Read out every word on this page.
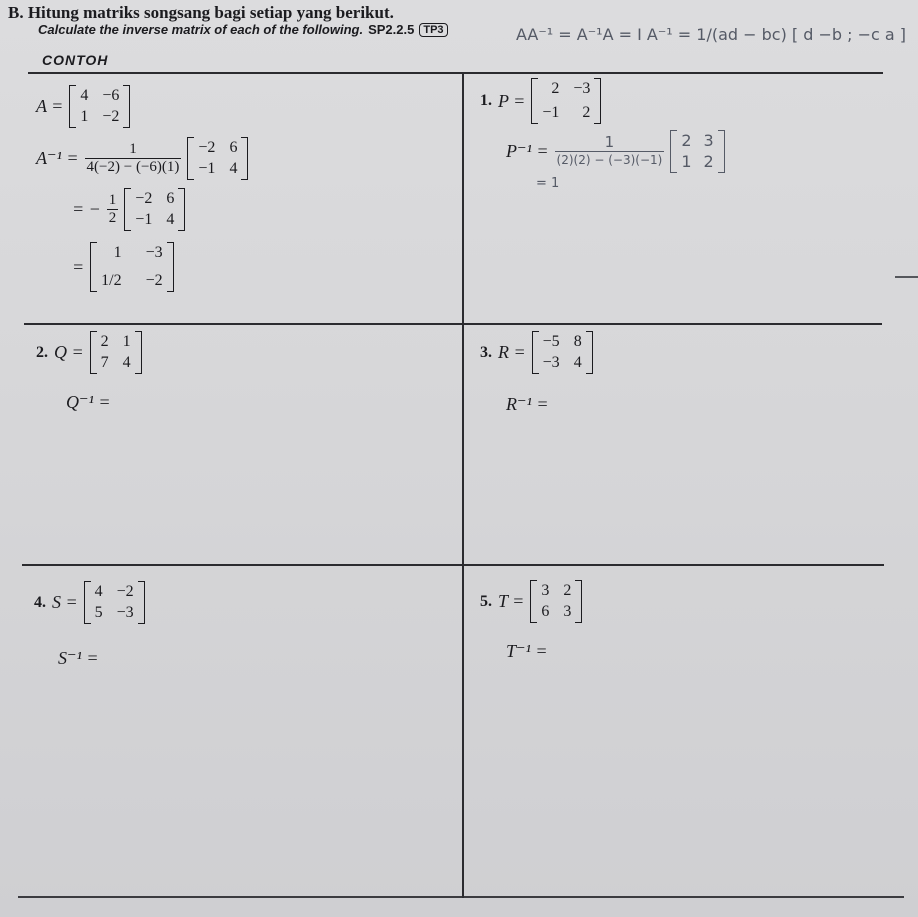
B. Hitung matriks songsang bagi setiap yang berikut.
Calculate the inverse matrix of each of the following. SP2.2.5 TP3	AA⁻¹ = A⁻¹A = I A⁻¹ = 1/(ad − bc) [ d −b ; −c a ]
CONTOH
A =
4 −6
1 −2
$A^{-1} = \frac{1}{4(-2) - (-6)(1)} -2$ 6
−1 4
= − $\frac{1}{2} -2$ 6
−1 4
=
1 −3
1/2 −2
1. P =
2 −3
−1	2
$P^{-1} = \frac{1}{(2)(2) - (-3)(-1)} 2$ 3
1 2
= 1
2. Q =
2 1
7 4
Q⁻¹ =
3. R =
−5 8
−3 4
R⁻¹ =
4. S =
4 −2
5 −3
S⁻¹ =
5. T =
3 2
6 3
T⁻¹ =
